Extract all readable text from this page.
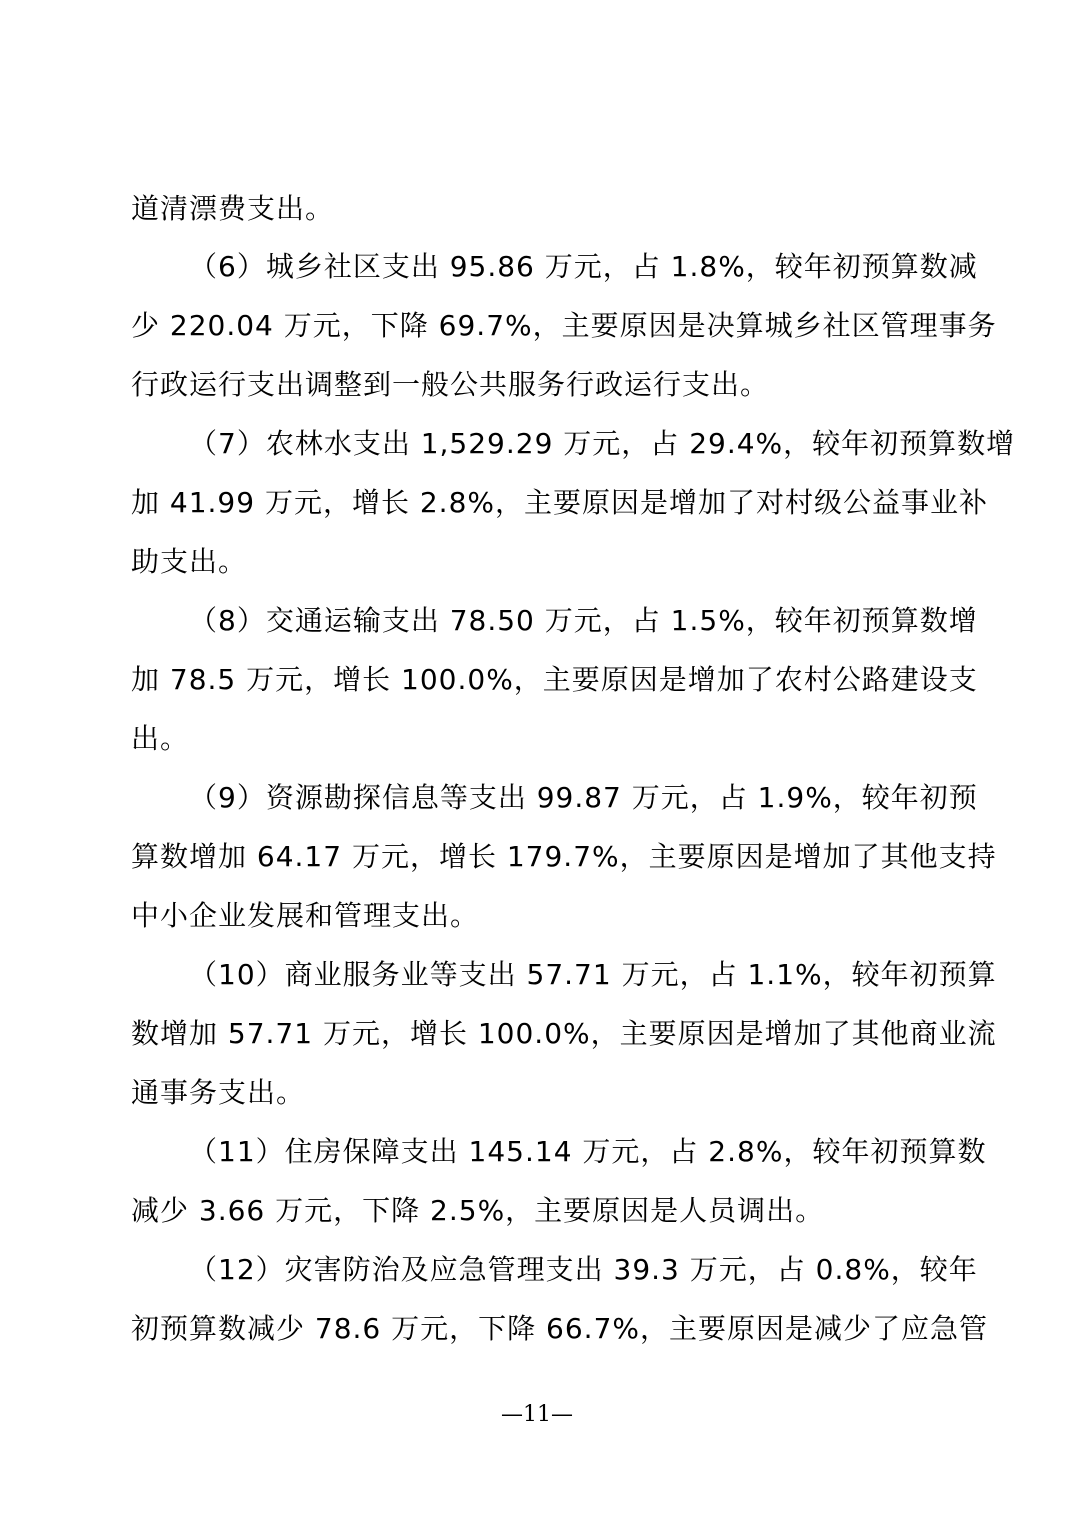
道清漂费支出。
（6）城乡社区支出 95.86 万元，占 1.8%，较年初预算数减
少 220.04 万元，下降 69.7%，主要原因是决算城乡社区管理事务
行政运行支出调整到一般公共服务行政运行支出。
（7）农林水支出 1,529.29 万元，占 29.4%，较年初预算数增
加 41.99 万元，增长 2.8%，主要原因是增加了对村级公益事业补
助支出。
（8）交通运输支出 78.50 万元，占 1.5%，较年初预算数增
加 78.5 万元，增长 100.0%，主要原因是增加了农村公路建设支
出。
（9）资源勘探信息等支出 99.87 万元，占 1.9%，较年初预
算数增加 64.17 万元，增长 179.7%，主要原因是增加了其他支持
中小企业发展和管理支出。
（10）商业服务业等支出 57.71 万元，占 1.1%，较年初预算
数增加 57.71 万元，增长 100.0%，主要原因是增加了其他商业流
通事务支出。
（11）住房保障支出 145.14 万元，占 2.8%，较年初预算数
减少 3.66 万元，下降 2.5%，主要原因是人员调出。
（12）灾害防治及应急管理支出 39.3 万元，占 0.8%，较年
初预算数减少 78.6 万元，下降 66.7%，主要原因是减少了应急管
—11—
